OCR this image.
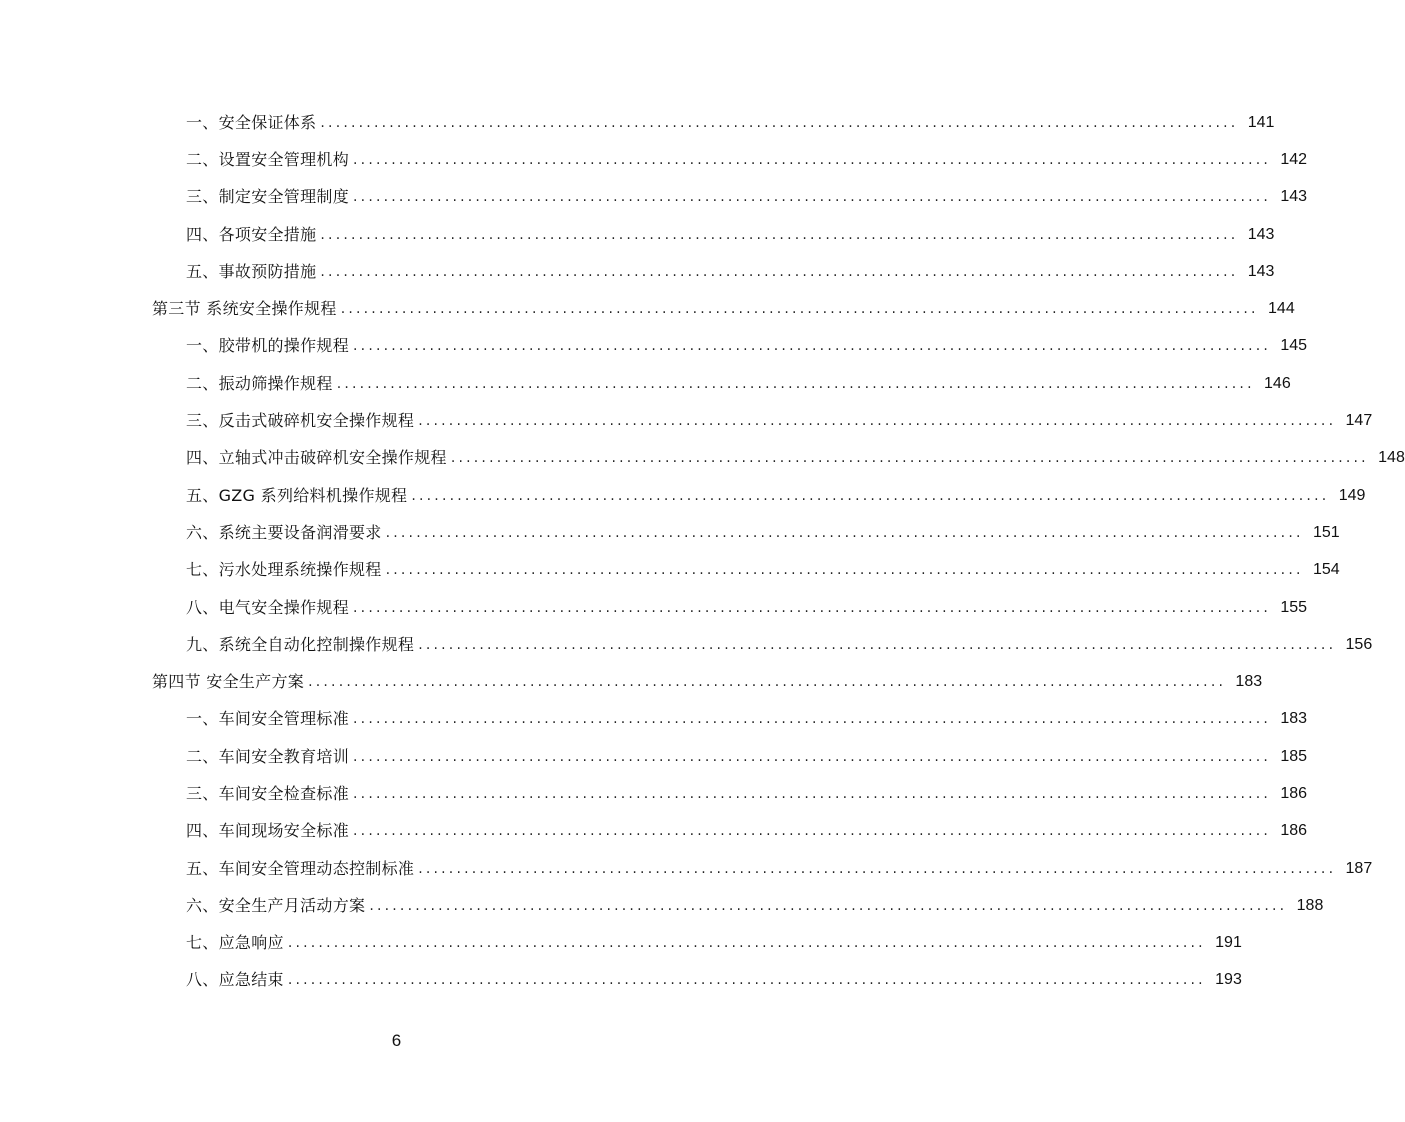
一、安全保证体系 ........................................................................................................................ 141
二、设置安全管理机构 ........................................................................................................................ 142
三、制定安全管理制度 ........................................................................................................................ 143
四、各项安全措施 ........................................................................................................................ 143
五、事故预防措施 ........................................................................................................................ 143
第三节 系统安全操作规程 ........................................................................................................................ 144
一、胶带机的操作规程 ........................................................................................................................ 145
二、振动筛操作规程 ........................................................................................................................ 146
三、反击式破碎机安全操作规程 ........................................................................................................................ 147
四、立轴式冲击破碎机安全操作规程 ........................................................................................................................ 148
五、GZG 系列给料机操作规程 ........................................................................................................................ 149
六、系统主要设备润滑要求 ........................................................................................................................ 151
七、污水处理系统操作规程 ........................................................................................................................ 154
八、电气安全操作规程 ........................................................................................................................ 155
九、系统全自动化控制操作规程 ........................................................................................................................ 156
第四节 安全生产方案 ........................................................................................................................ 183
一、车间安全管理标准 ........................................................................................................................ 183
二、车间安全教育培训 ........................................................................................................................ 185
三、车间安全检查标准 ........................................................................................................................ 186
四、车间现场安全标准 ........................................................................................................................ 186
五、车间安全管理动态控制标准 ........................................................................................................................ 187
六、安全生产月活动方案 ........................................................................................................................ 188
七、应急响应 ........................................................................................................................ 191
八、应急结束 ........................................................................................................................ 193
6
